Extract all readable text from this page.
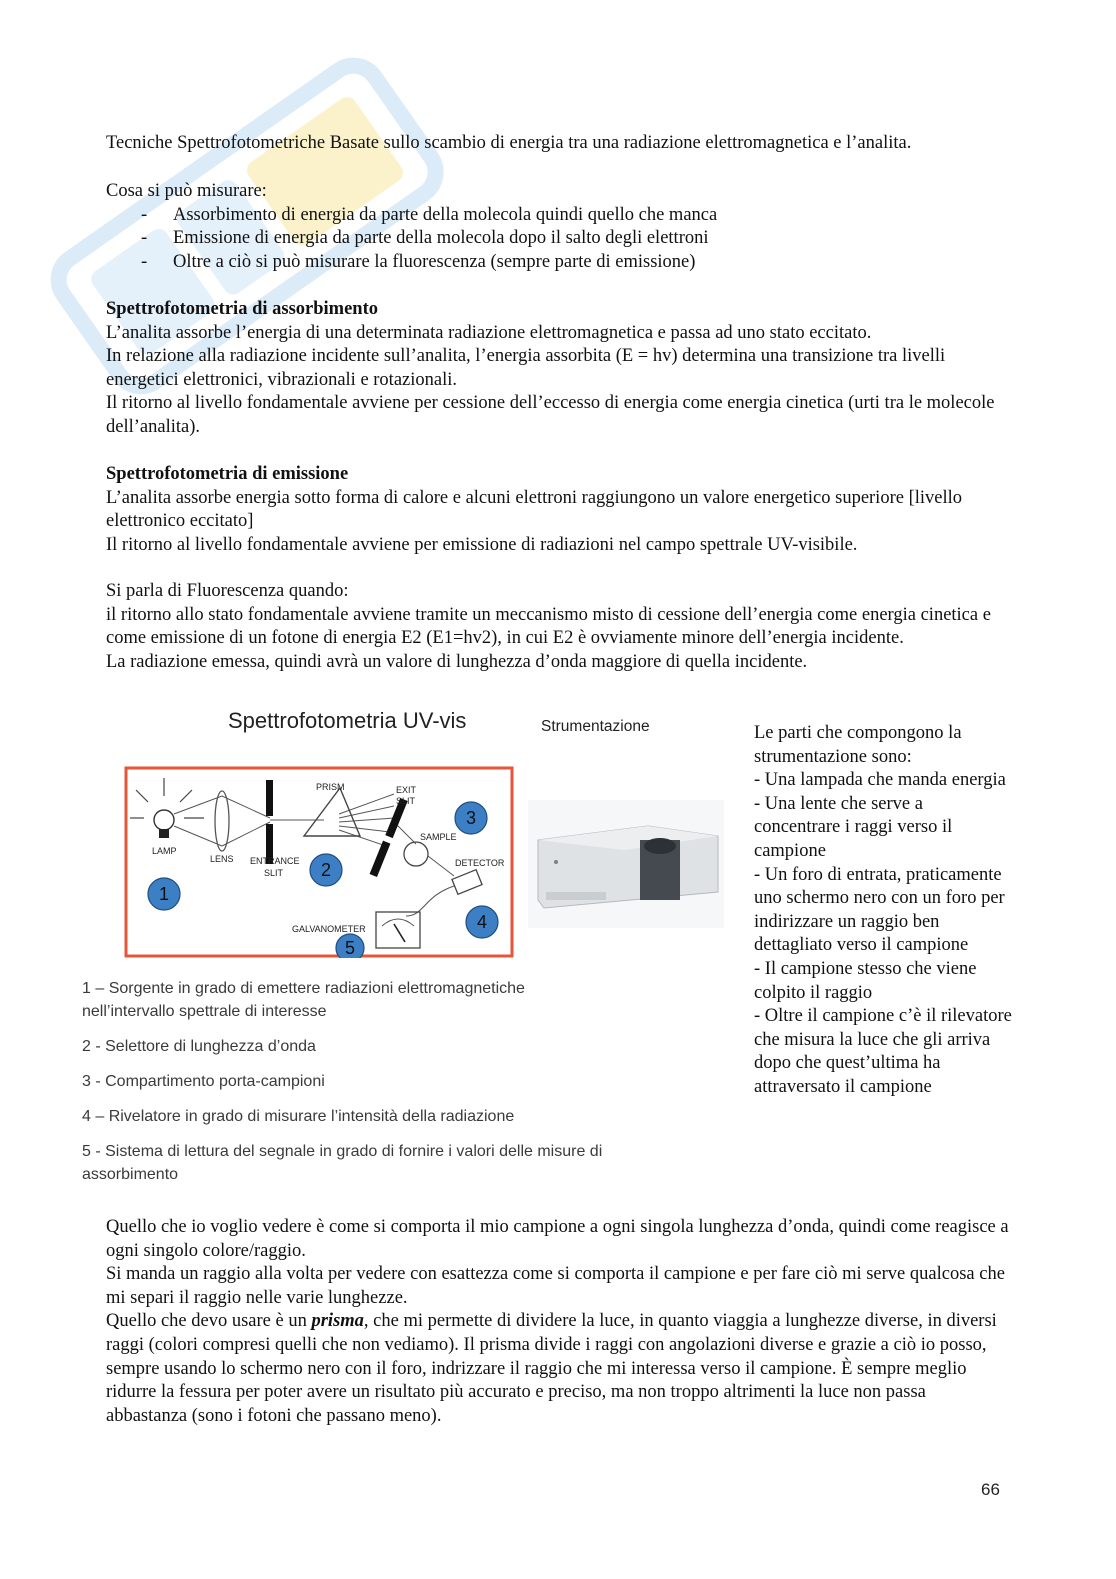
Tecniche Spettrofotometriche Basate sullo scambio di energia tra una radiazione elettromagnetica e l’analita.

Cosa si può misurare:

- Assorbimento di energia da parte della molecola quindi quello che manca
- Emissione di energia da parte della molecola dopo il salto degli elettroni
- Oltre a ciò si può misurare la fluorescenza (sempre parte di emissione)

Spettrofotometria di assorbimento

L’analita assorbe l’energia di una determinata radiazione elettromagnetica e passa ad uno stato eccitato.

In relazione alla radiazione incidente sull’analita, l’energia assorbita (E = hv) determina una transizione tra livelli energetici elettronici, vibrazionali e rotazionali.

Il ritorno al livello fondamentale avviene per cessione dell’eccesso di energia come energia cinetica (urti tra le molecole dell’analita).

Spettrofotometria di emissione

L’analita assorbe energia sotto forma di calore e alcuni elettroni raggiungono un valore energetico superiore [livello elettronico eccitato]

Il ritorno al livello fondamentale avviene per emissione di radiazioni nel campo spettrale UV-visibile.

Si parla di Fluorescenza quando:

il ritorno allo stato fondamentale avviene tramite un meccanismo misto di cessione dell’energia come energia cinetica e come emissione di un fotone di energia E2 (E1=hv2), in cui E2 è ovviamente minore dell’energia incidente.

La radiazione emessa, quindi avrà un valore di lunghezza d’onda maggiore di quella incidente.

Spettrofotometria UV-vis	Strumentazione
LAMP
LENS ENTRANCE
SLIT
PRISM	EXIT
SLIT
SAMPLE
DETECTOR
GALVANOMETER
1
2
3
4
5

1 – Sorgente in grado di emettere radiazioni elettromagnetiche nell’intervallo spettrale di interesse

2 - Selettore di lunghezza d’onda

3 - Compartimento porta-campioni

4 – Rivelatore in grado di misurare l’intensità della radiazione

5 - Sistema di lettura del segnale in grado di fornire i valori delle misure di assorbimento

Le parti che compongono la strumentazione sono:

- Una lampada che manda energia

- Una lente che serve a concentrare i raggi verso il campione

- Un foro di entrata, praticamente uno schermo nero con un foro per indirizzare un raggio ben dettagliato verso il campione

- Il campione stesso che viene colpito il raggio

- Oltre il campione c’è il rilevatore che misura la luce che gli arriva dopo che quest’ultima ha attraversato il campione

Quello che io voglio vedere è come si comporta il mio campione a ogni singola lunghezza d’onda, quindi come reagisce a ogni singolo colore/raggio.

Si manda un raggio alla volta per vedere con esattezza come si comporta il campione e per fare ciò mi serve qualcosa che mi separi il raggio nelle varie lunghezze.

Quello che devo usare è un prisma, che mi permette di dividere la luce, in quanto viaggia a lunghezze diverse, in diversi raggi (colori compresi quelli che non vediamo). Il prisma divide i raggi con angolazioni diverse e grazie a ciò io posso, sempre usando lo schermo nero con il foro, indrizzare il raggio che mi interessa verso il campione. È sempre meglio ridurre la fessura per poter avere un risultato più accurato e preciso, ma non troppo altrimenti la luce non passa abbastanza (sono i fotoni che passano meno).

66
